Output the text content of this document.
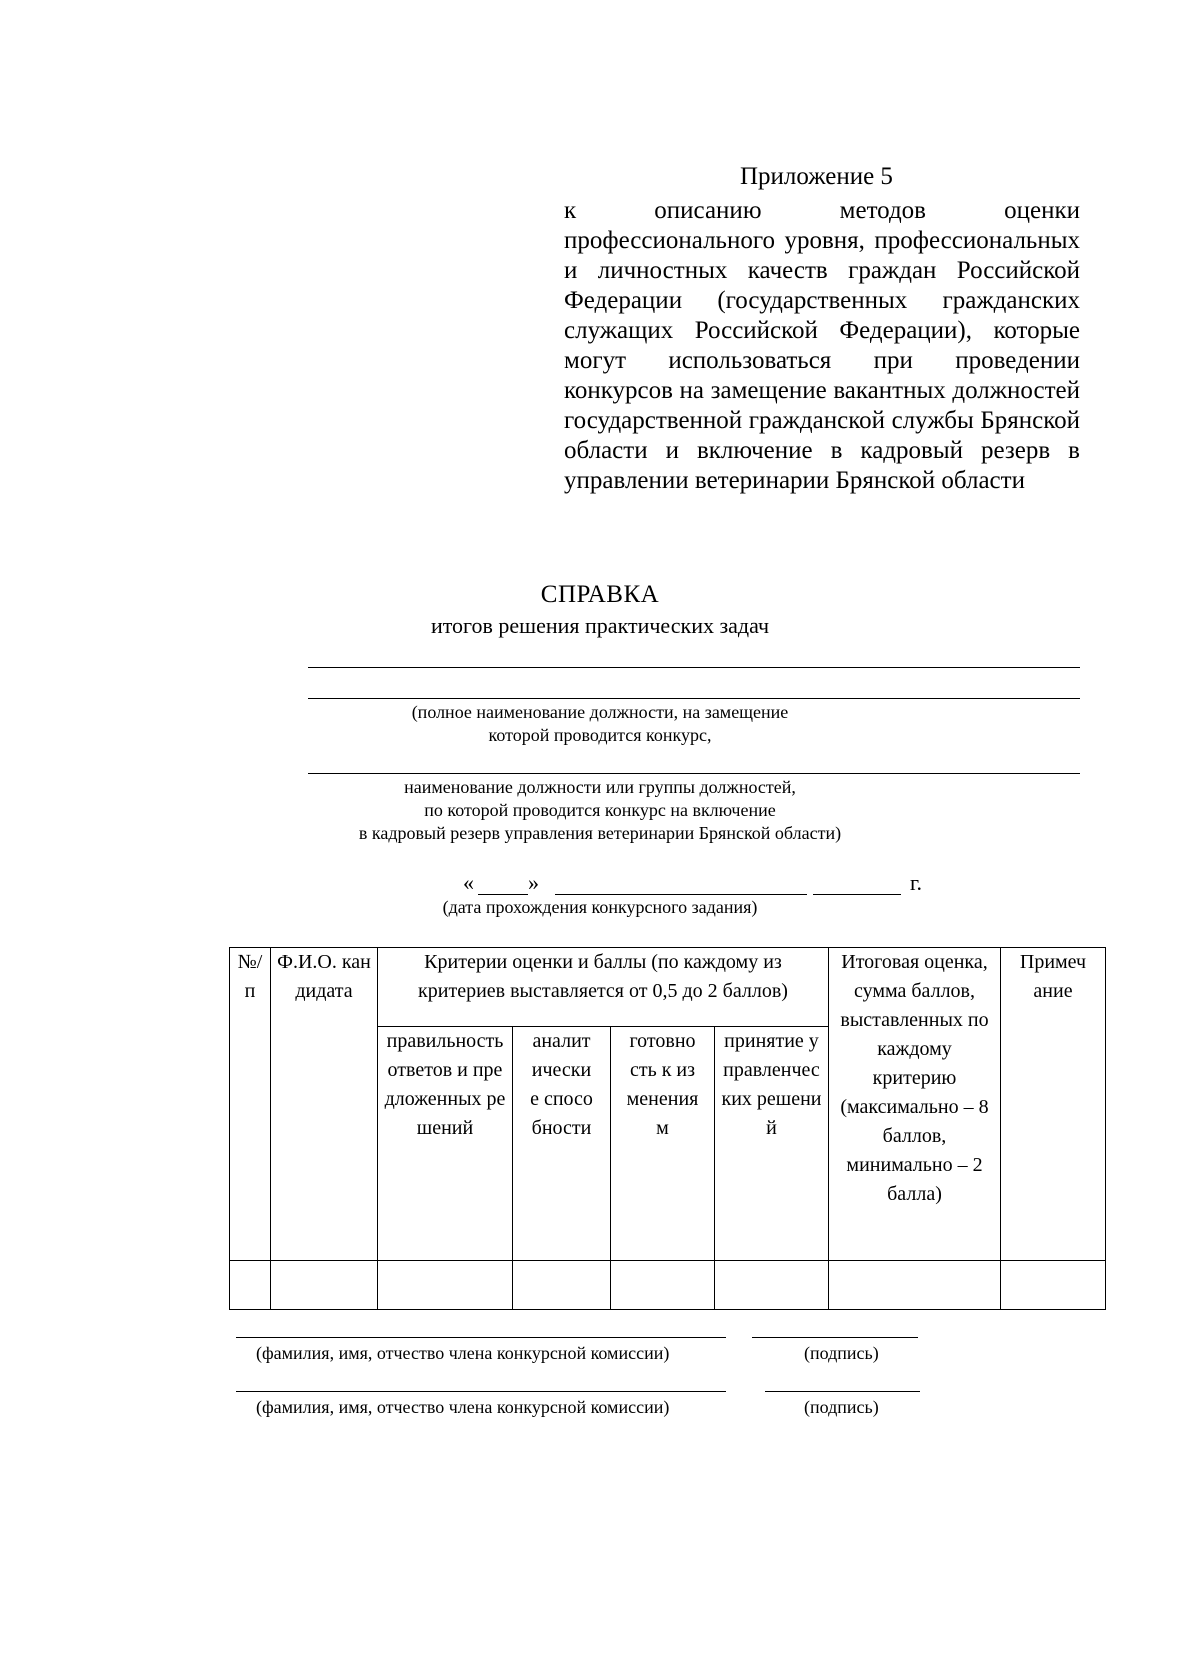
Приложение 5
к описанию методов оценки профессионального уровня, профессиональных и личностных качеств граждан Российской Федерации (государственных гражданских служащих Российской Федерации), которые могут использоваться при проведении конкурсов на замещение вакантных должностей государственной гражданской службы Брянской области и включение в кадровый резерв в управлении ветеринарии Брянской области
СПРАВКА
итогов решения практических задач
(полное наименование должности, на замещение
которой проводится конкурс,
наименование должности или группы должностей,
по которой проводится конкурс на включение
в кадровый резерв управления ветеринарии Брянской области)
« »	г.
(дата прохождения конкурсного задания)
№/п	Ф.И.О. кандидата	Критерии оценки и баллы (по каждому из критериев выставляется от 0,5 до 2 баллов)				Итоговая оценка, сумма баллов, выставленных по каждому критерию (максимально – 8 баллов, минимально – 2 балла)	Примечание

		правильность ответов и предложенных решений	аналитические способности	готовность к изменениям	принятие управленческих решений		

(фамилия, имя, отчество члена конкурсной комиссии)	(подпись)
(фамилия, имя, отчество члена конкурсной комиссии)	(подпись)
